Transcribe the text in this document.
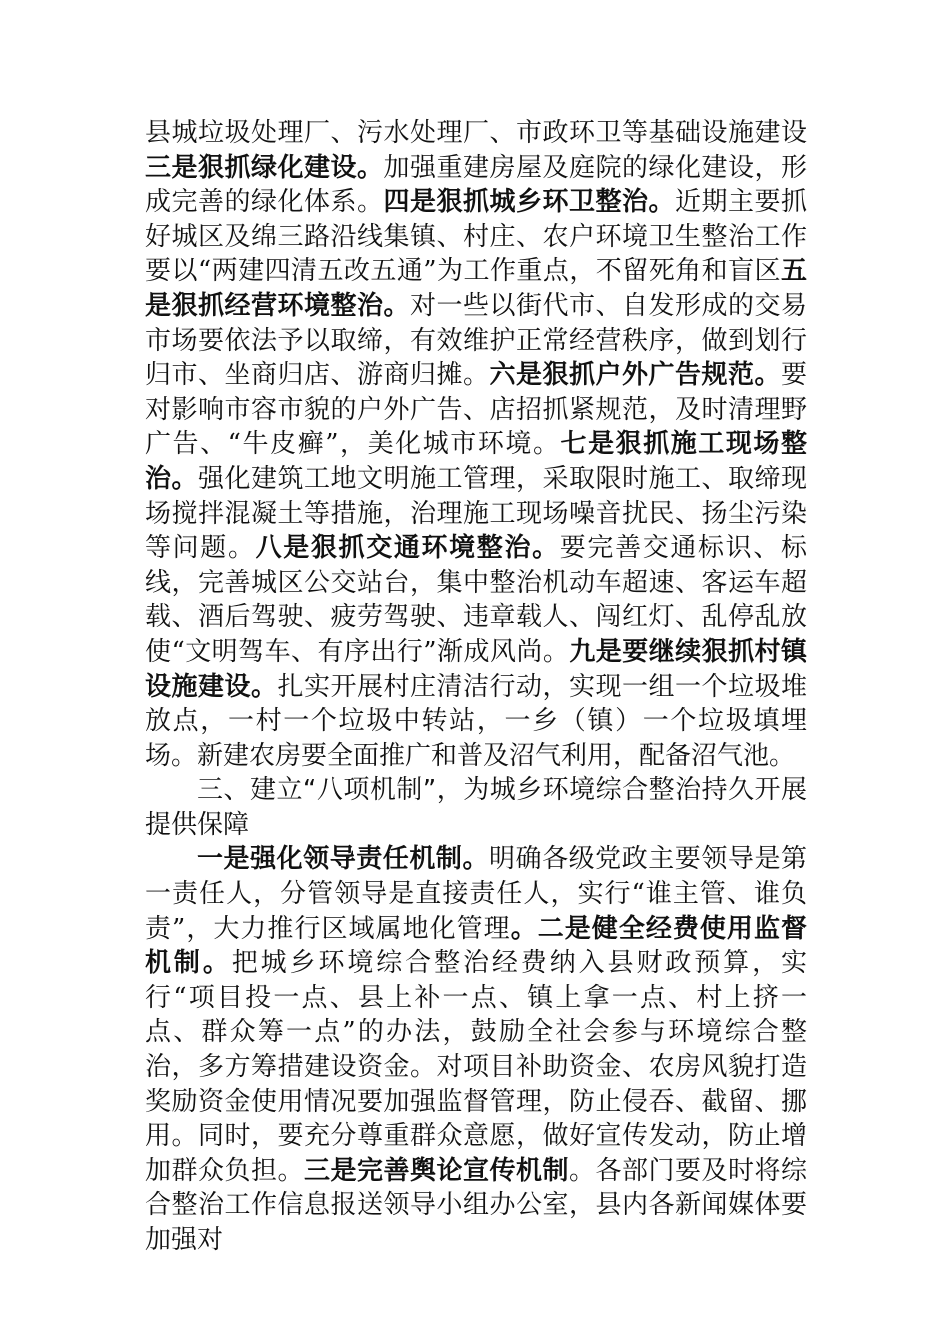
县城垃圾处理厂、污水处理厂、市政环卫等基础设施建设三是狠抓绿化建设。加强重建房屋及庭院的绿化建设，形成完善的绿化体系。四是狠抓城乡环卫整治。近期主要抓好城区及绵三路沿线集镇、村庄、农户环境卫生整治工作要以“两建四清五改五通”为工作重点，不留死角和盲区五是狠抓经营环境整治。对一些以街代市、自发形成的交易市场要依法予以取缔，有效维护正常经营秩序，做到划行归市、坐商归店、游商归摊。六是狠抓户外广告规范。要对影响市容市貌的户外广告、店招抓紧规范，及时清理野广告、“牛皮癣”，美化城市环境。七是狠抓施工现场整治。强化建筑工地文明施工管理，采取限时施工、取缔现场搅拌混凝土等措施，治理施工现场噪音扰民、扬尘污染等问题。八是狠抓交通环境整治。要完善交通标识、标线，完善城区公交站台，集中整治机动车超速、客运车超载、酒后驾驶、疲劳驾驶、违章载人、闯红灯、乱停乱放使“文明驾车、有序出行”渐成风尚。九是要继续狠抓村镇设施建设。扎实开展村庄清洁行动，实现一组一个垃圾堆放点，一村一个垃圾中转站，一乡（镇）一个垃圾填埋场。新建农房要全面推广和普及沼气利用，配备沼气池。

三、建立“八项机制”，为城乡环境综合整治持久开展提供保障

一是强化领导责任机制。明确各级党政主要领导是第一责任人，分管领导是直接责任人，实行“谁主管、谁负责”，大力推行区域属地化管理。二是健全经费使用监督机制。把城乡环境综合整治经费纳入县财政预算，实行“项目投一点、县上补一点、镇上拿一点、村上挤一点、群众筹一点”的办法，鼓励全社会参与环境综合整治，多方筹措建设资金。对项目补助资金、农房风貌打造奖励资金使用情况要加强监督管理，防止侵吞、截留、挪用。同时，要充分尊重群众意愿，做好宣传发动，防止增加群众负担。三是完善舆论宣传机制。各部门要及时将综合整治工作信息报送领导小组办公室，县内各新闻媒体要加强对
